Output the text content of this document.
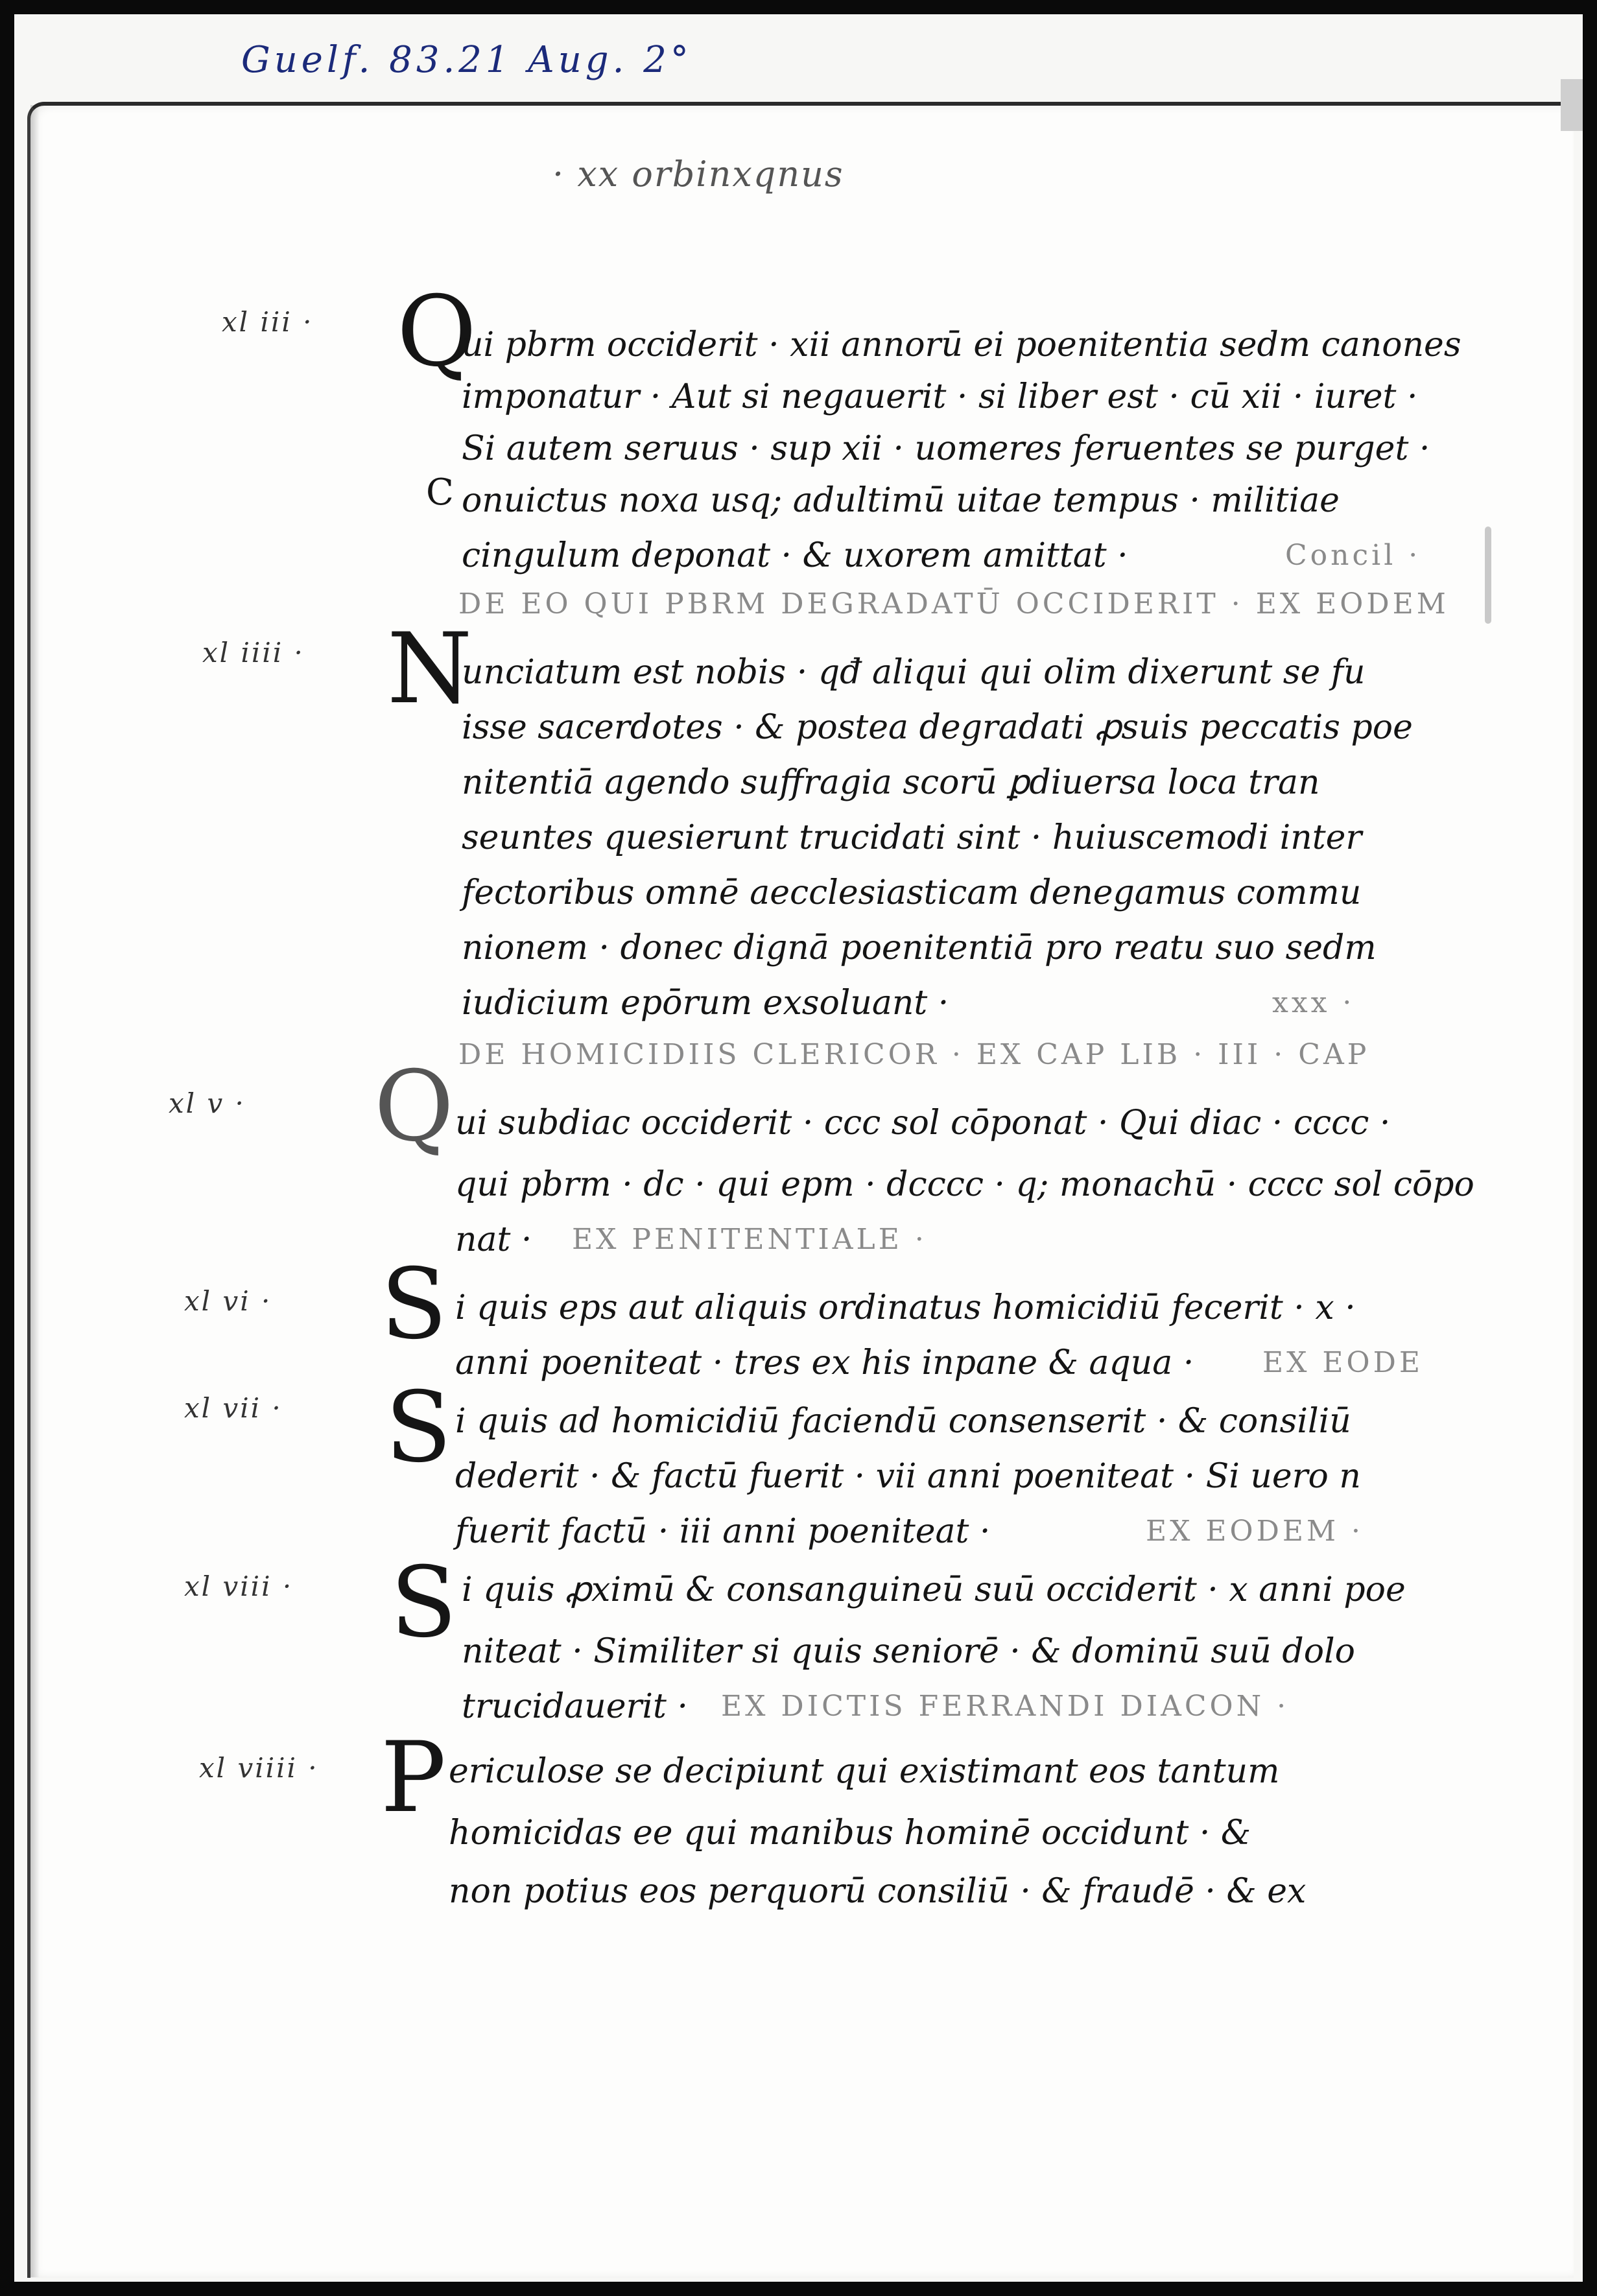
Guelf. 83.21 Aug. 2°
· xx orbinxqnus
xl iii · Q
ui pbrm occiderit · xii annorū ei poenitentia sedm canones
imponatur · Aut si negauerit · si liber est · cū xii · iuret ·
Si autem seruus · sup xii · uomeres feruentes se purget ·
C onuictus noxa usq; adultimū uitae tempus · militiae
cingulum deponat · & uxorem amittat ·	Concil ·
DE EO QUI PBRM DEGRADATŪ OCCIDERIT · EX EODEM
xl iiii · N
unciatum est nobis · qđ aliqui qui olim dixerunt se fu
isse sacerdotes · & postea degradati ꝓsuis peccatis poe
nitentiā agendo suffragia scorū ꝑdiuersa loca tran
seuntes quesierunt trucidati sint · huiuscemodi inter
fectoribus omnē aecclesiasticam denegamus commu
nionem · donec dignā poenitentiā pro reatu suo sedm
iudicium epōrum exsoluant ·	xxx ·
DE HOMICIDIIS CLERICOR · EX CAP LIB · III · CAP
xl v · Q ui subdiac occiderit · ccc sol cōponat · Qui diac · cccc ·
qui pbrm · dc · qui epm · dcccc · q; monachū · cccc sol cōpo
nat · EX PENITENTIALE ·
xl vi · S i quis eps aut aliquis ordinatus homicidiū fecerit · x ·
anni poeniteat · tres ex his inpane & aqua · EX EODE
xl vii · S i quis ad homicidiū faciendū consenserit · & consiliū
dederit · & factū fuerit · vii anni poeniteat · Si uero n
fuerit factū · iii anni poeniteat ·	EX EODEM ·
xl viii · S i quis ꝓximū & consanguineū suū occiderit · x anni poe
niteat · Similiter si quis seniorē · & dominū suū dolo
trucidauerit · EX DICTIS FERRANDI DIACON ·
xl viiii · P ericulose se decipiunt qui existimant eos tantum
homicidas ee qui manibus hominē occidunt · &
non potius eos perquorū consiliū · & fraudē · & ex
